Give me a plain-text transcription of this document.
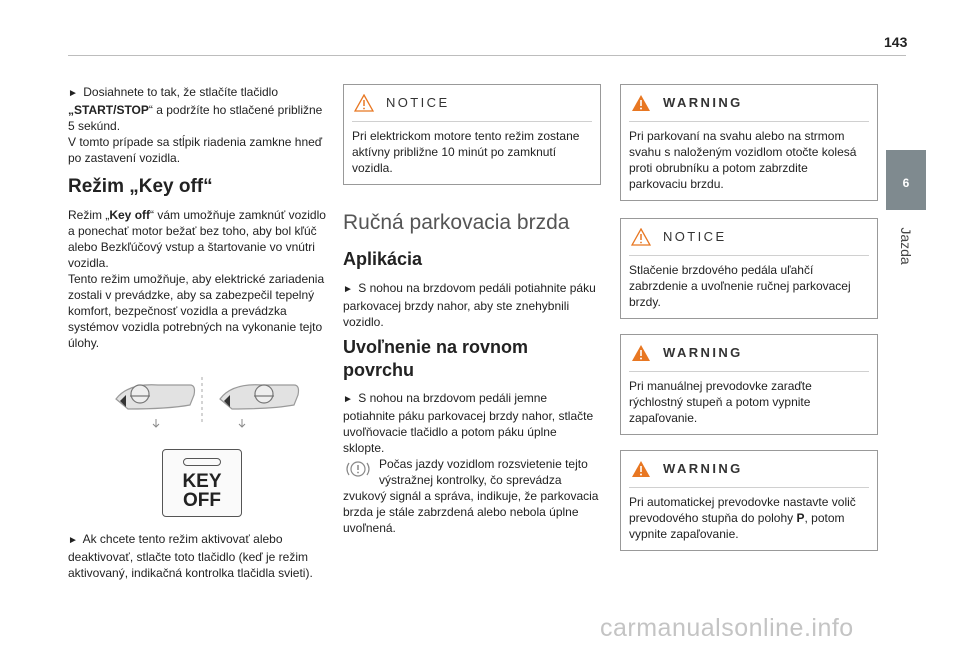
143
6
Jazda

► Dosiahnete to tak, že stlačíte tlačidlo
„START/STOP“ a podržíte ho stlačené približne 5 sekúnd.
V tomto prípade sa stĺpik riadenia zamkne hneď po zastavení vozidla.

Režim „Key off“

Režim „Key off“ vám umožňuje zamknúť vozidlo a ponechať motor bežať bez toho, aby bol kľúč alebo Bezkľúčový vstup a štartovanie vo vnútri vozidla.

Tento režim umožňuje, aby elektrické zariadenia zostali v prevádzke, aby sa zabezpečil tepelný komfort, bezpečnosť vozidla a prevádzka systémov vozidla potrebných na vykonanie tejto úlohy.

KEY
OFF

► Ak chcete tento režim aktivovať alebo deaktivovať, stlačte toto tlačidlo (keď je režim aktivovaný, indikačná kontrolka tlačidla svieti).

NOTICE
Pri elektrickom motore tento režim zostane aktívny približne 10 minút po zamknutí vozidla.
Ručná parkovacia brzda
Aplikácia

► S nohou na brzdovom pedáli potiahnite páku parkovacej brzdy nahor, aby ste znehybnili vozidlo.

Uvoľnenie na rovnom
povrchu

► S nohou na brzdovom pedáli jemne potiahnite páku parkovacej brzdy nahor, stlačte uvoľňovacie tlačidlo a potom páku úplne sklopte.

Počas jazdy vozidlom rozsvietenie tejto výstražnej kontrolky, čo sprevádza

zvukový signál a správa, indikuje, že parkovacia brzda je stále zabrzdená alebo nebola úplne uvoľnená.

WARNING
Pri parkovaní na svahu alebo na strmom svahu s naloženým vozidlom otočte kolesá proti obrubníku a potom zabrzdite parkovaciu brzdu.
NOTICE
Stlačenie brzdového pedála uľahčí zabrzdenie a uvoľnenie ručnej parkovacej brzdy.
WARNING
Pri manuálnej prevodovke zaraďte rýchlostný stupeň a potom vypnite zapaľovanie.
WARNING
Pri automatickej prevodovke nastavte volič prevodového stupňa do polohy P, potom vypnite zapaľovanie.
carmanualsonline.info
